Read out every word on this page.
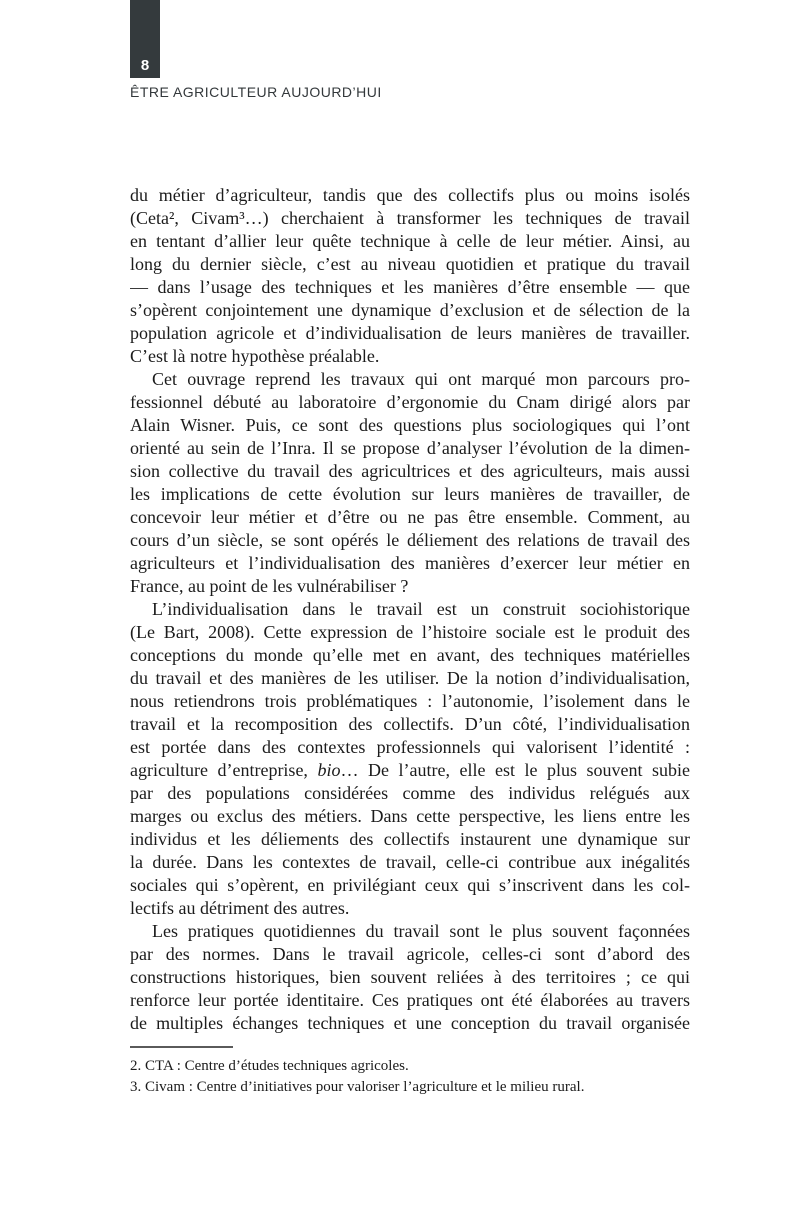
8
ÊTRE AGRICULTEUR AUJOURD’HUI
du métier d’agriculteur, tandis que des collectifs plus ou moins isolés
(Ceta², Civam³…) cherchaient à transformer les techniques de travail
en tentant d’allier leur quête technique à celle de leur métier. Ainsi, au
long du dernier siècle, c’est au niveau quotidien et pratique du travail
— dans l’usage des techniques et les manières d’être ensemble — que
s’opèrent conjointement une dynamique d’exclusion et de sélection de la
population agricole et d’individualisation de leurs manières de travailler.
C’est là notre hypothèse préalable.
Cet ouvrage reprend les travaux qui ont marqué mon parcours pro-
fessionnel débuté au laboratoire d’ergonomie du Cnam dirigé alors par
Alain Wisner. Puis, ce sont des questions plus sociologiques qui l’ont
orienté au sein de l’Inra. Il se propose d’analyser l’évolution de la dimen-
sion collective du travail des agricultrices et des agriculteurs, mais aussi
les implications de cette évolution sur leurs manières de travailler, de
concevoir leur métier et d’être ou ne pas être ensemble. Comment, au
cours d’un siècle, se sont opérés le déliement des relations de travail des
agriculteurs et l’individualisation des manières d’exercer leur métier en
France, au point de les vulnérabiliser ?
L’individualisation dans le travail est un construit sociohistorique
(Le Bart, 2008). Cette expression de l’histoire sociale est le produit des
conceptions du monde qu’elle met en avant, des techniques matérielles
du travail et des manières de les utiliser. De la notion d’individualisation,
nous retiendrons trois problématiques : l’autonomie, l’isolement dans le
travail et la recomposition des collectifs. D’un côté, l’individualisation
est portée dans des contextes professionnels qui valorisent l’identité :
agriculture d’entreprise, bio… De l’autre, elle est le plus souvent subie
par des populations considérées comme des individus relégués aux
marges ou exclus des métiers. Dans cette perspective, les liens entre les
individus et les déliements des collectifs instaurent une dynamique sur
la durée. Dans les contextes de travail, celle-ci contribue aux inégalités
sociales qui s’opèrent, en privilégiant ceux qui s’inscrivent dans les col-
lectifs au détriment des autres.
Les pratiques quotidiennes du travail sont le plus souvent façonnées
par des normes. Dans le travail agricole, celles-ci sont d’abord des
constructions historiques, bien souvent reliées à des territoires ; ce qui
renforce leur portée identitaire. Ces pratiques ont été élaborées au travers
de multiples échanges techniques et une conception du travail organisée
2. CTA : Centre d’études techniques agricoles.
3. Civam : Centre d’initiatives pour valoriser l’agriculture et le milieu rural.
